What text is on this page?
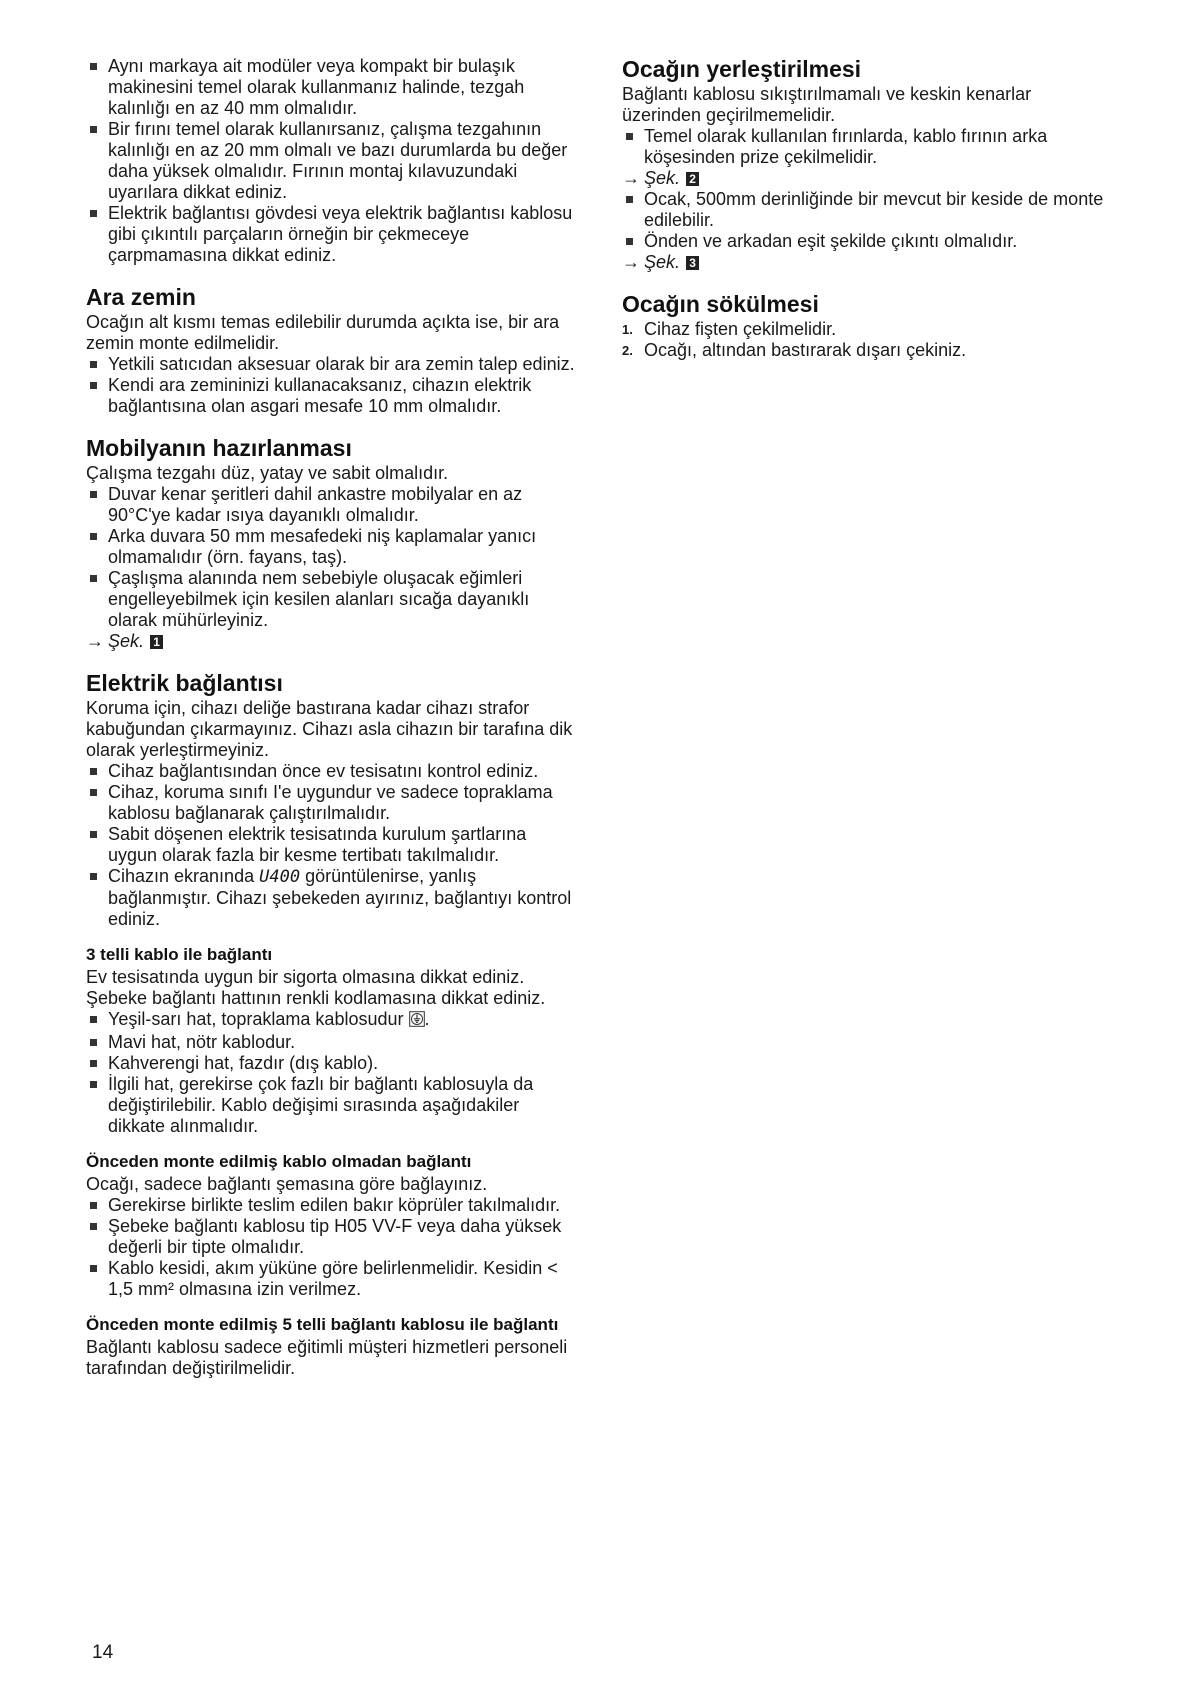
Aynı markaya ait modüler veya kompakt bir bulaşık makinesini temel olarak kullanmanız halinde, tezgah kalınlığı en az 40 mm olmalıdır.
Bir fırını temel olarak kullanırsanız, çalışma tezgahının kalınlığı en az 20 mm olmalı ve bazı durumlarda bu değer daha yüksek olmalıdır. Fırının montaj kılavuzundaki uyarılara dikkat ediniz.
Elektrik bağlantısı gövdesi veya elektrik bağlantısı kablosu gibi çıkıntılı parçaların örneğin bir çekmeceye çarpmamasına dikkat ediniz.
Ara zemin

Ocağın alt kısmı temas edilebilir durumda açıkta ise, bir ara zemin monte edilmelidir.

Yetkili satıcıdan aksesuar olarak bir ara zemin talep ediniz.
Kendi ara zemininizi kullanacaksanız, cihazın elektrik bağlantısına olan asgari mesafe 10 mm olmalıdır.
Mobilyanın hazırlanması

Çalışma tezgahı düz, yatay ve sabit olmalıdır.

Duvar kenar şeritleri dahil ankastre mobilyalar en az 90°C'ye kadar ısıya dayanıklı olmalıdır.
Arka duvara 50 mm mesafedeki niş kaplamalar yanıcı olmamalıdır (örn. fayans, taş).
Çaşlışma alanında nem sebebiyle oluşacak eğimleri engelleyebilmek için kesilen alanları sıcağa dayanıklı olarak mühürleyiniz.
→ Şek. 1
Elektrik bağlantısı

Koruma için, cihazı deliğe bastırana kadar cihazı strafor kabuğundan çıkarmayınız. Cihazı asla cihazın bir tarafına dik olarak yerleştirmeyiniz.

Cihaz bağlantısından önce ev tesisatını kontrol ediniz.
Cihaz, koruma sınıfı I'e uygundur ve sadece topraklama kablosu bağlanarak çalıştırılmalıdır.
Sabit döşenen elektrik tesisatında kurulum şartlarına uygun olarak fazla bir kesme tertibatı takılmalıdır.
Cihazın ekranında U400 görüntülenirse, yanlış bağlanmıştır. Cihazı şebekeden ayırınız, bağlantıyı kontrol ediniz.
3 telli kablo ile bağlantı

Ev tesisatında uygun bir sigorta olmasına dikkat ediniz.

Şebeke bağlantı hattının renkli kodlamasına dikkat ediniz.

Yeşil-sarı hat, topraklama kablosudur .
Mavi hat, nötr kablodur.
Kahverengi hat, fazdır (dış kablo).
İlgili hat, gerekirse çok fazlı bir bağlantı kablosuyla da değiştirilebilir. Kablo değişimi sırasında aşağıdakiler dikkate alınmalıdır.
Önceden monte edilmiş kablo olmadan bağlantı

Ocağı, sadece bağlantı şemasına göre bağlayınız.

Gerekirse birlikte teslim edilen bakır köprüler takılmalıdır.
Şebeke bağlantı kablosu tip H05 VV-F veya daha yüksek değerli bir tipte olmalıdır.
Kablo kesidi, akım yüküne göre belirlenmelidir. Kesidin < 1,5 mm² olmasına izin verilmez.
Önceden monte edilmiş 5 telli bağlantı kablosu ile bağlantı

Bağlantı kablosu sadece eğitimli müşteri hizmetleri personeli tarafından değiştirilmelidir.

Ocağın yerleştirilmesi

Bağlantı kablosu sıkıştırılmamalı ve keskin kenarlar üzerinden geçirilmemelidir.

Temel olarak kullanılan fırınlarda, kablo fırının arka köşesinden prize çekilmelidir.
→ Şek. 2
Ocak, 500mm derinliğinde bir mevcut bir keside de monte edilebilir.
Önden ve arkadan eşit şekilde çıkıntı olmalıdır.
→ Şek. 3
Ocağın sökülmesi
1. Cihaz fişten çekilmelidir.
2. Ocağı, altından bastırarak dışarı çekiniz.
14
